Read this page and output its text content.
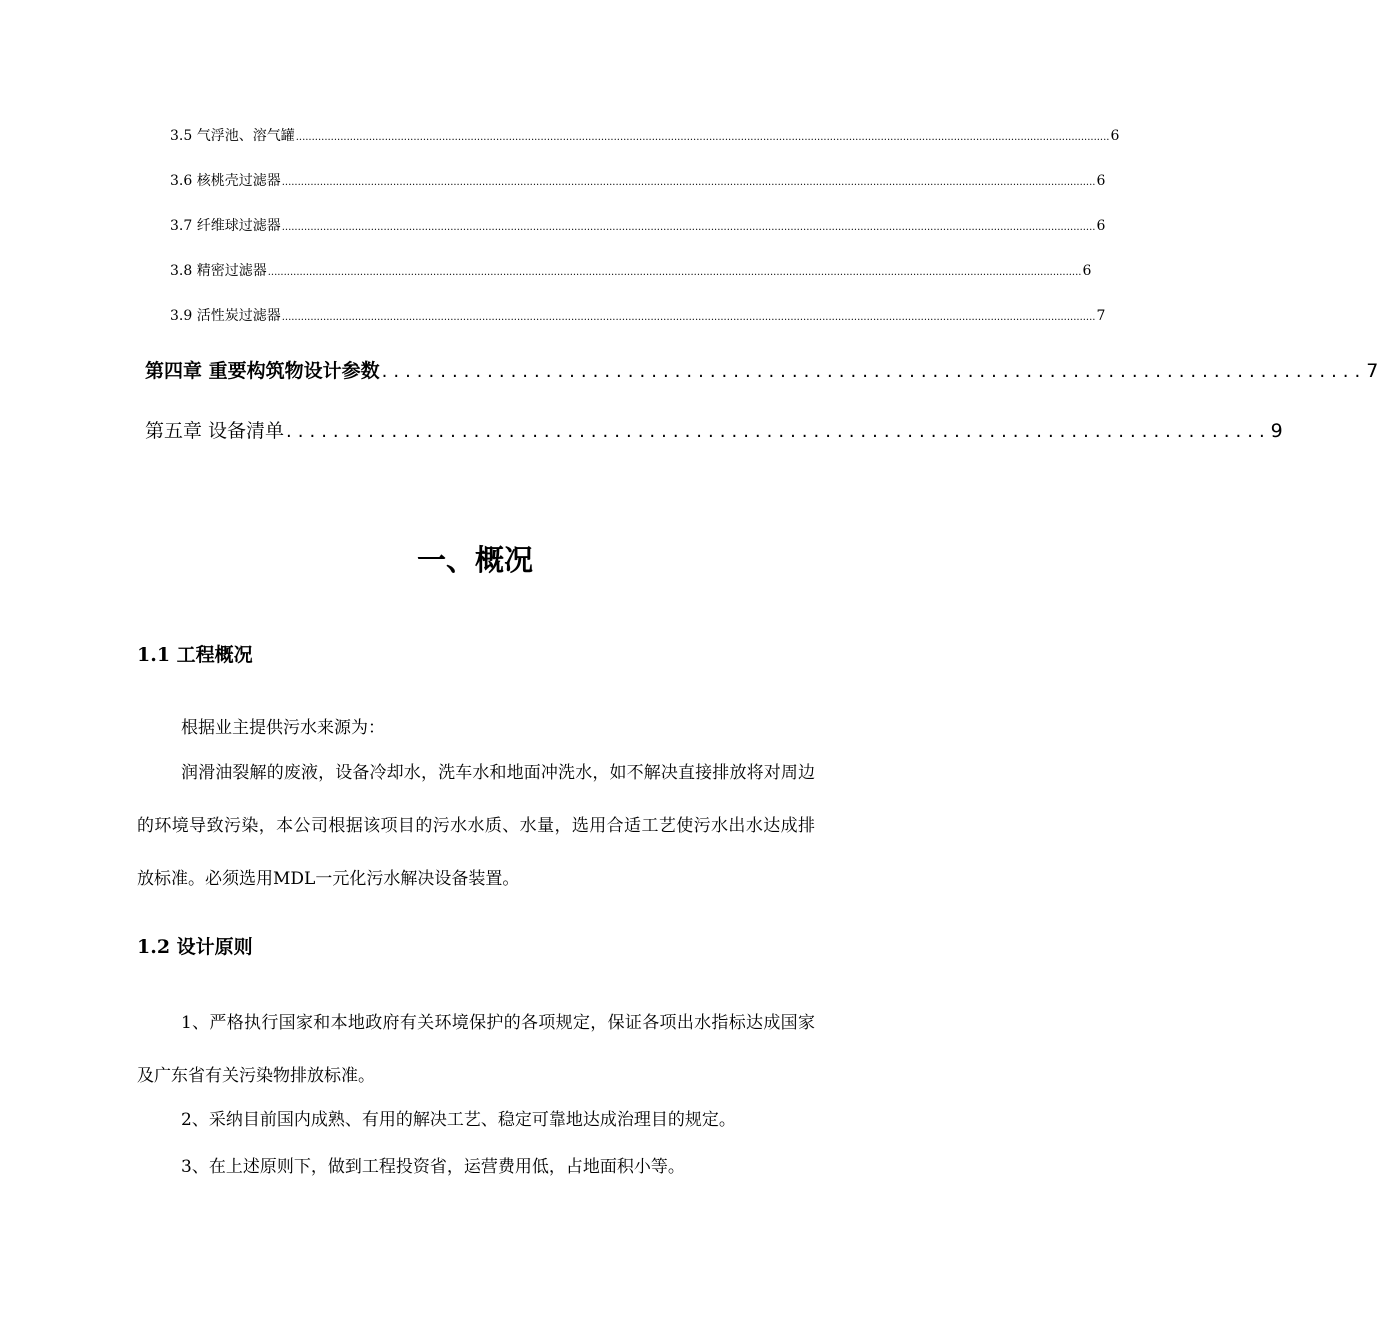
3.5 气浮池、溶气罐 ................................................................................................................................................................................................................................................................ 6
3.6 核桃壳过滤器 ................................................................................................................................................................................................................................................................ 6
3.7 纤维球过滤器 ................................................................................................................................................................................................................................................................ 6
3.8 精密过滤器 ................................................................................................................................................................................................................................................................ 6
3.9 活性炭过滤器 ................................................................................................................................................................................................................................................................ 7
第四章 重要构筑物设计参数 .................................................................................... 7
第五章 设备清单 .................................................................................... 9
一、概况
1.1 工程概况
根据业主提供污水来源为：
润滑油裂解的废液，设备冷却水，洗车水和地面冲洗水，如不解决直接排放将对周边的环境导致污染，本公司根据该项目的污水水质、水量，选用合适工艺使污水出水达成排放标准。必须选用MDL一元化污水解决设备装置。
1.2 设计原则
1、严格执行国家和本地政府有关环境保护的各项规定，保证各项出水指标达成国家及广东省有关污染物排放标准。
2、采纳目前国内成熟、有用的解决工艺、稳定可靠地达成治理目的规定。
3、在上述原则下，做到工程投资省，运营费用低，占地面积小等。
